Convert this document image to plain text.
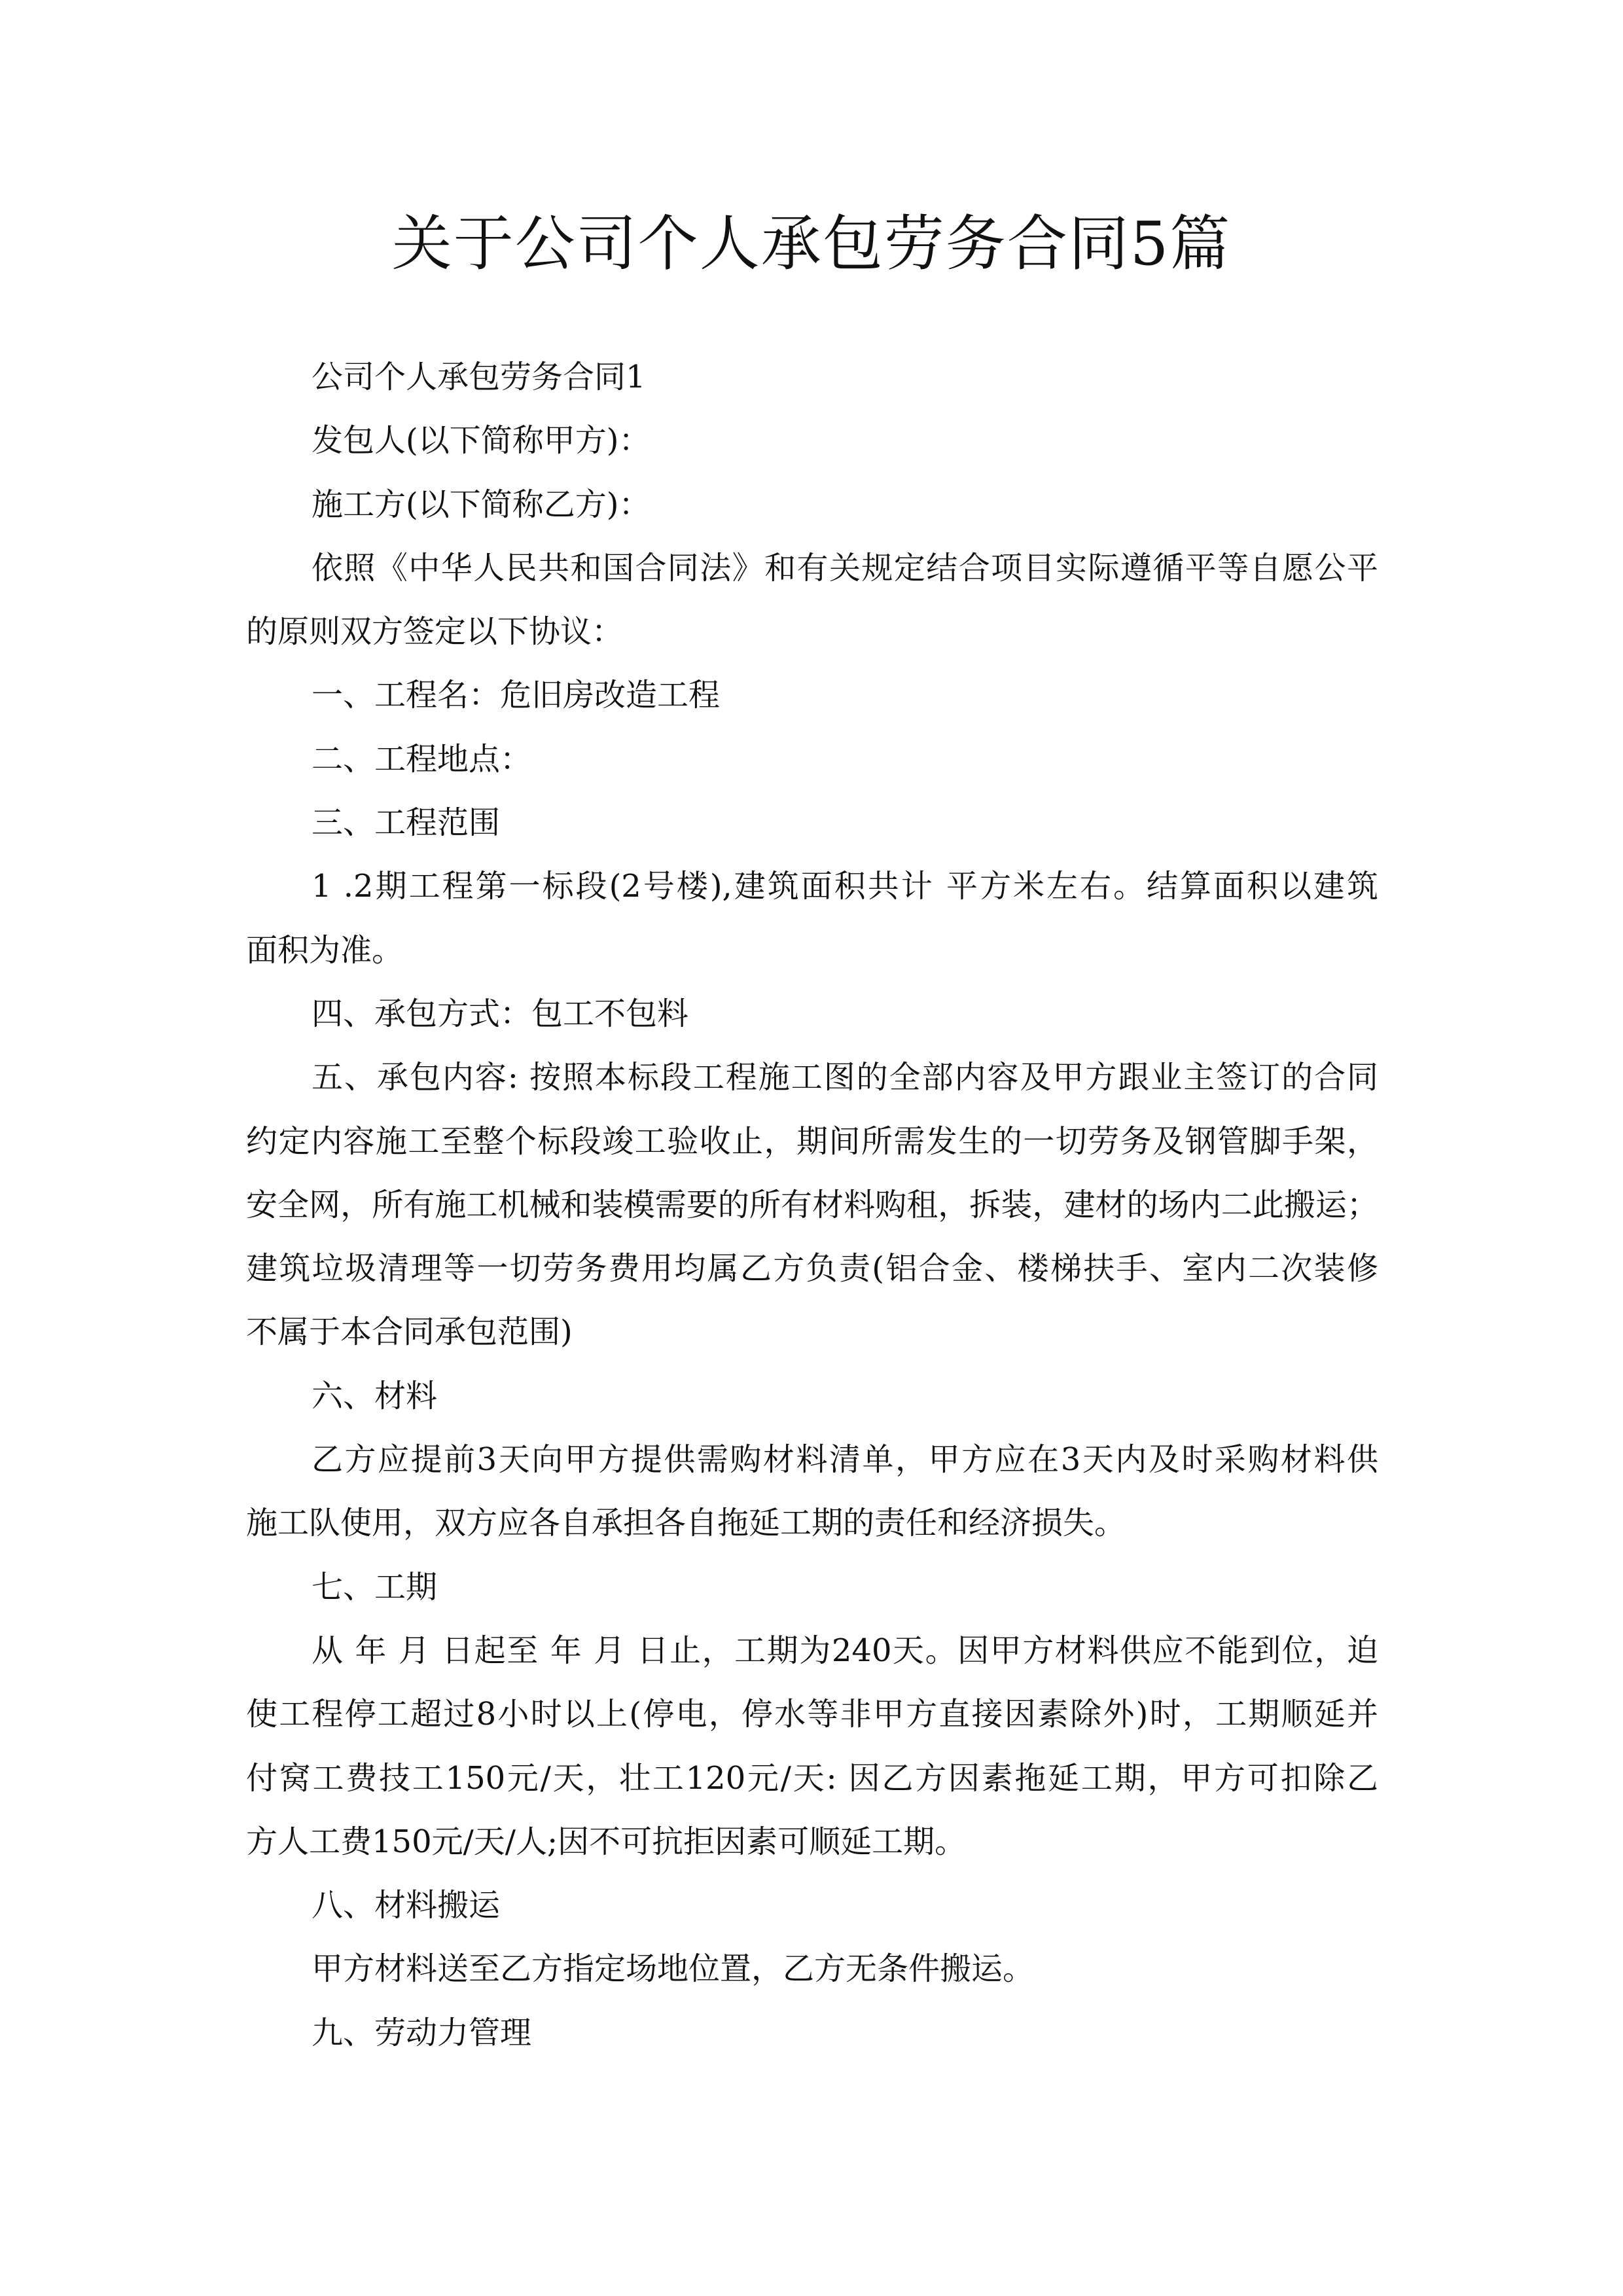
关于公司个人承包劳务合同5篇
公司个人承包劳务合同1
发包人(以下简称甲方)：
施工方(以下简称乙方)：
依照《中华人民共和国合同法》和有关规定结合项目实际遵循平等自愿公平
的原则双方签定以下协议：
一、工程名：危旧房改造工程
二、工程地点：
三、工程范围
1 .2期工程第一标段(2号楼),建筑面积共计 平方米左右。结算面积以建筑
面积为准。
四、承包方式：包工不包料
五、承包内容: 按照本标段工程施工图的全部内容及甲方跟业主签订的合同
约定内容施工至整个标段竣工验收止，期间所需发生的一切劳务及钢管脚手架，
安全网，所有施工机械和装模需要的所有材料购租，拆装，建材的场内二此搬运；
建筑垃圾清理等一切劳务费用均属乙方负责(铝合金、楼梯扶手、室内二次装修
不属于本合同承包范围)
六、材料
乙方应提前3天向甲方提供需购材料清单，甲方应在3天内及时采购材料供
施工队使用，双方应各自承担各自拖延工期的责任和经济损失。
七、工期
从 年 月 日起至 年 月 日止，工期为240天。因甲方材料供应不能到位，迫
使工程停工超过8小时以上(停电，停水等非甲方直接因素除外)时，工期顺延并
付窝工费技工150元/天，壮工120元/天: 因乙方因素拖延工期，甲方可扣除乙
方人工费150元/天/人;因不可抗拒因素可顺延工期。
八、材料搬运
甲方材料送至乙方指定场地位置，乙方无条件搬运。
九、劳动力管理
